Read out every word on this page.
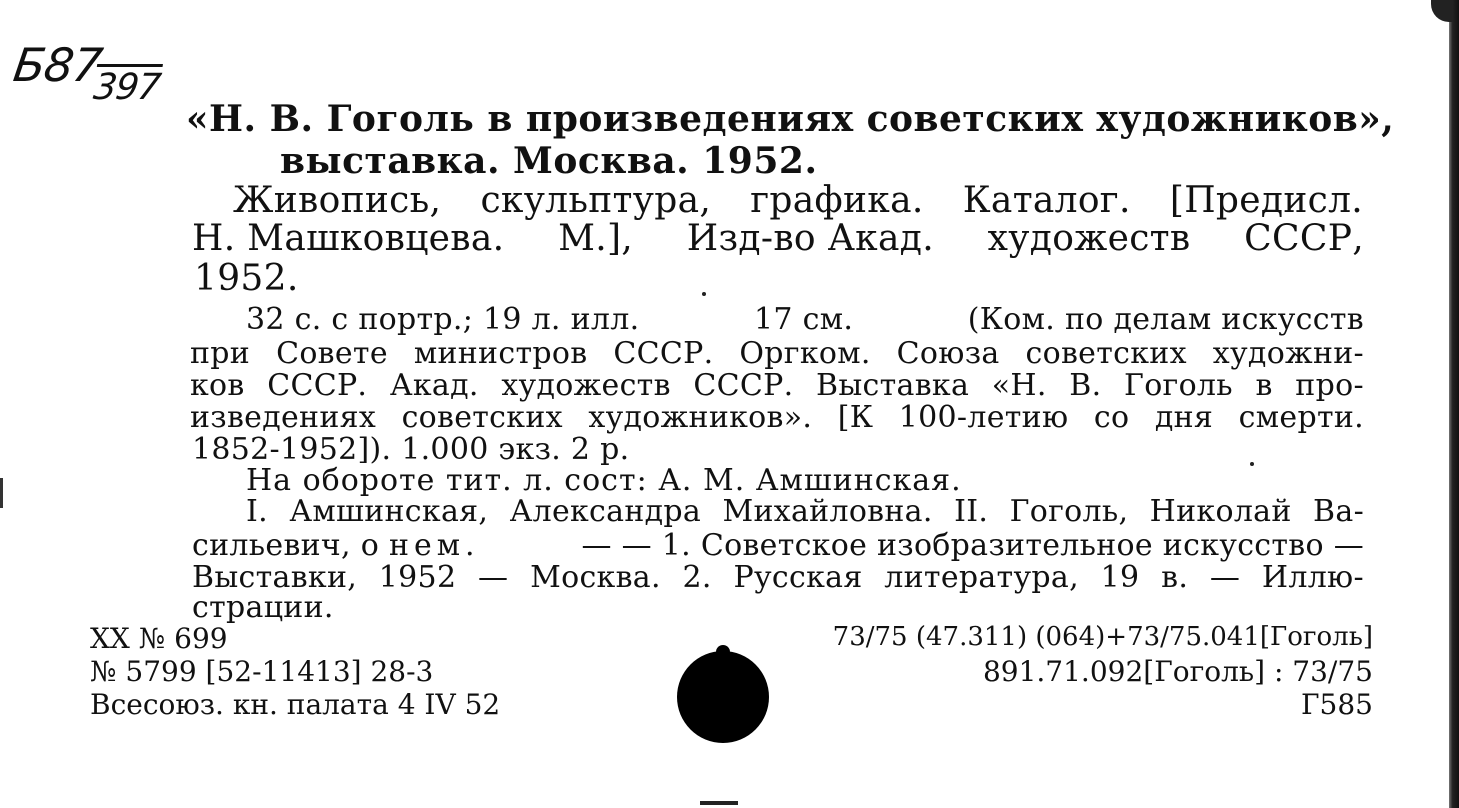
$Б87_{397}$
«Н. В. Гоголь в произведениях советских художников»,
выставка. Москва. 1952.
Живопись, скульптура, графика. Каталог. [Предисл.
Н. Машковцева. М.], Изд-во Акад. художеств СССР,
1952.
32 с. с портр.; 19 л. илл.	17 см.	(Ком. по делам искусств
при Совете министров СССР. Оргком. Союза советских художни-
ков СССР. Акад. художеств СССР. Выставка «Н. В. Гоголь в про-
изведениях советских художников». [К 100-летию со дня смерти.
1852-1952]). 1.000 экз. 2 р.
На обороте тит. л. сост: А. М. Амшинская.
I. Амшинская, Александра Михайловна. II. Гоголь, Николай Ва-
сильевич, о нем.	— — 1. Советское изобразительное искусство —
Выставки, 1952 — Москва. 2. Русская литература, 19 в. — Иллю-
страции.
XX № 699
№ 5799 [52-11413] 28-3
Всесоюз. кн. палата 4 IV 52
73/75 (47.311) (064)+73/75.041[Гоголь]
891.71.092[Гоголь] : 73/75
Г585
